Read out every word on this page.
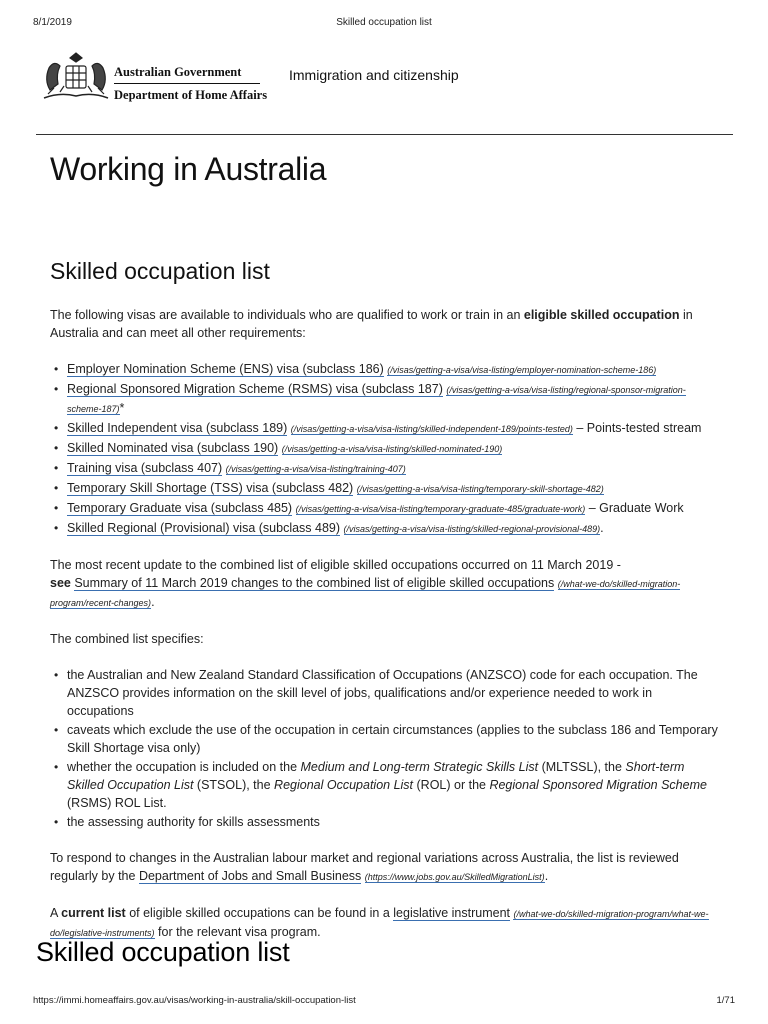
8/1/2019	Skilled occupation list
Australian Government
Department of Home Affairs
Immigration and citizenship
Working in Australia
Skilled occupation list

The following visas are available to individuals who are qualified to work or train in an eligible skilled occupation in Australia and can meet all other requirements:

• Employer Nomination Scheme (ENS) visa (subclass 186) (/visas/getting-a-visa/visa-listing/employer-nomination-scheme-186)
• Regional Sponsored Migration Scheme (RSMS) visa (subclass 187) (/visas/getting-a-visa/visa-listing/regional-sponsor-migration-scheme-187)*
• Skilled Independent visa (subclass 189) (/visas/getting-a-visa/visa-listing/skilled-independent-189/points-tested) – Points-tested stream
• Skilled Nominated visa (subclass 190) (/visas/getting-a-visa/visa-listing/skilled-nominated-190)
• Training visa (subclass 407) (/visas/getting-a-visa/visa-listing/training-407)
• Temporary Skill Shortage (TSS) visa (subclass 482) (/visas/getting-a-visa/visa-listing/temporary-skill-shortage-482)
• Temporary Graduate visa (subclass 485) (/visas/getting-a-visa/visa-listing/temporary-graduate-485/graduate-work) – Graduate Work
• Skilled Regional (Provisional) visa (subclass 489) (/visas/getting-a-visa/visa-listing/skilled-regional-provisional-489).

The most recent update to the combined list of eligible skilled occupations occurred on 11 March 2019 -
see Summary of 11 March 2019 changes to the combined list of eligible skilled occupations (/what-we-do/skilled-migration-program/recent-changes).

The combined list specifies:

• the Australian and New Zealand Standard Classification of Occupations (ANZSCO) code for each occupation. The ANZSCO provides information on the skill level of jobs, qualifications and/or experience needed to work in occupations
• caveats which exclude the use of the occupation in certain circumstances (applies to the subclass 186 and Temporary Skill Shortage visa only)
• whether the occupation is included on the Medium and Long-term Strategic Skills List (MLTSSL), the Short-term Skilled Occupation List (STSOL), the Regional Occupation List (ROL) or the Regional Sponsored Migration Scheme (RSMS) ROL List.
• the assessing authority for skills assessments

To respond to changes in the Australian labour market and regional variations across Australia, the list is reviewed regularly by the Department of Jobs and Small Business (https://www.jobs.gov.au/SkilledMigrationList).

A current list of eligible skilled occupations can be found in a legislative instrument (/what-we-do/skilled-migration-program/what-we-do/legislative-instruments) for the relevant visa program.

Skilled occupation list
https://immi.homeaffairs.gov.au/visas/working-in-australia/skill-occupation-list	1/71
